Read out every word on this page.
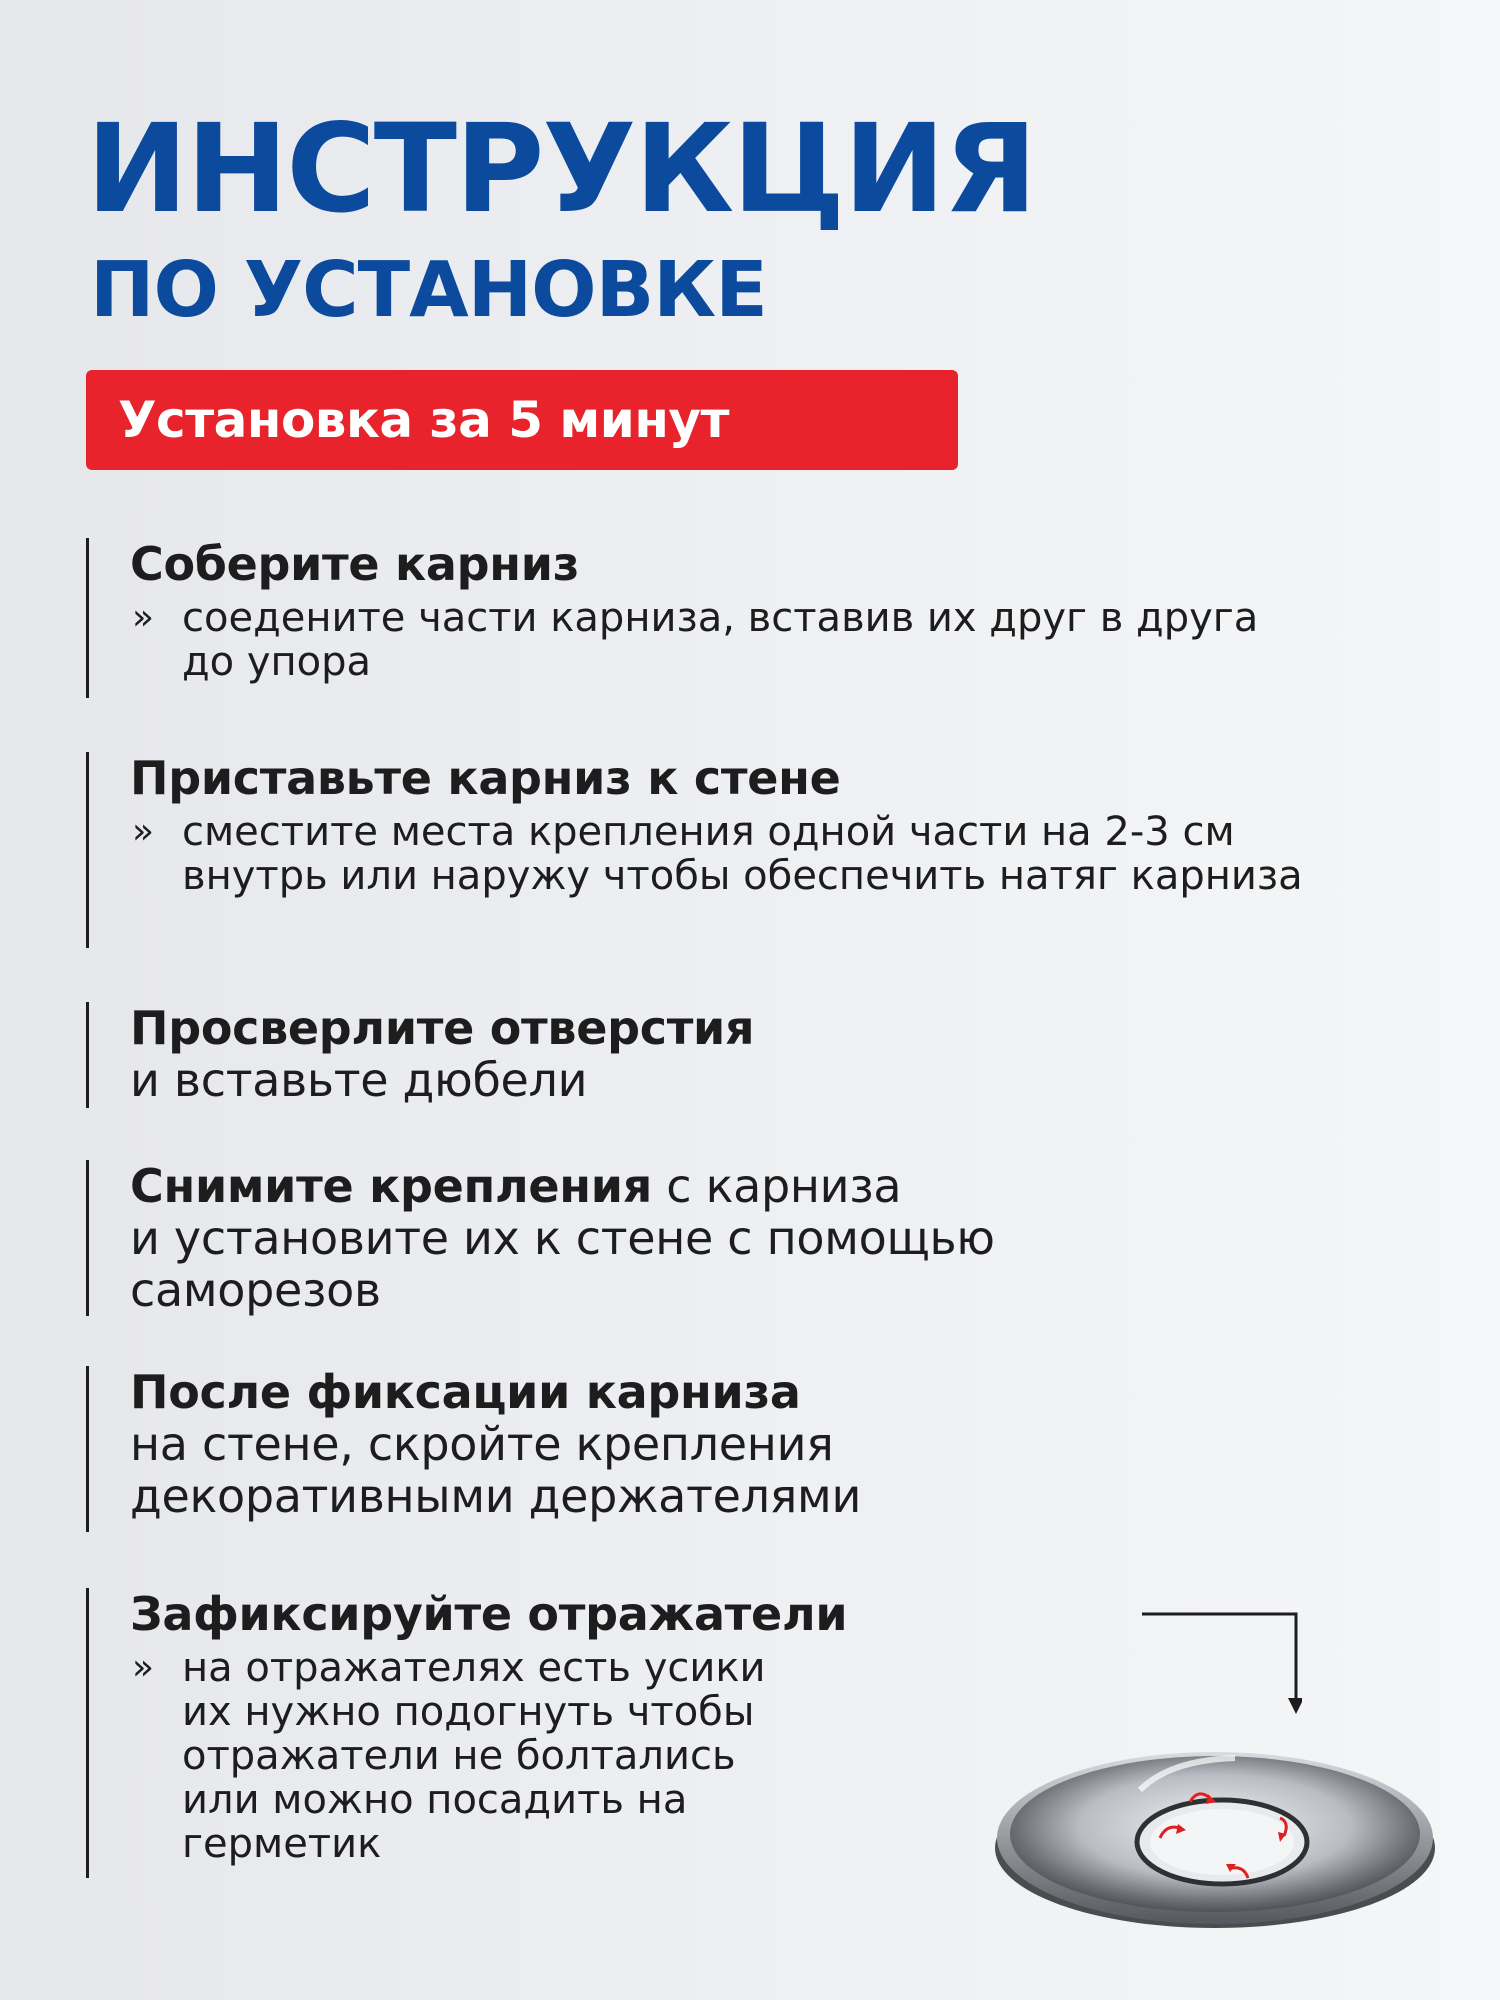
ИНСТРУКЦИЯ
ПО УСТАНОВКЕ
Установка за 5 минут
Соберите карниз
» соедените части карниза, вставив их друг в друга до упора
Приставьте карниз к стене
» сместите места крепления одной части на 2-3 см внутрь или наружу чтобы обеспечить натяг карниза
Просверлите отверстия
и вставьте дюбели
Снимите крепления с карниза
и установите их к стене с помощью саморезов
После фиксации карниза
на стене, скройте крепления декоративными держателями
Зафиксируйте отражатели
» на отражателях есть усики их нужно подогнуть чтобы отражатели не болтались или можно посадить на герметик
